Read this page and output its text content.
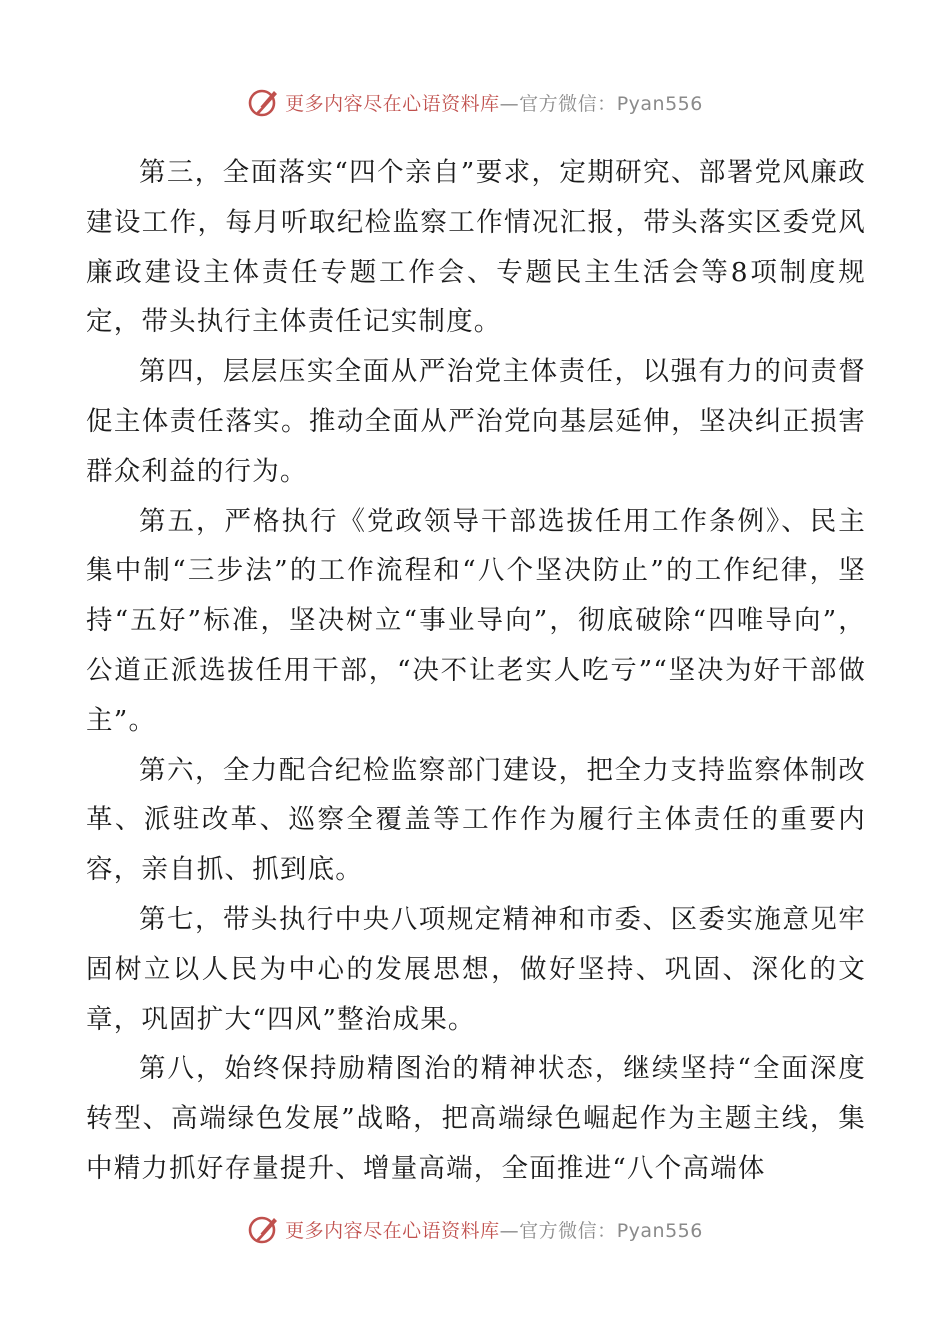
更多内容尽在心语资料库—官方微信：Pyan556

第三，全面落实“四个亲自”要求，定期研究、部署党风廉政建设工作，每月听取纪检监察工作情况汇报，带头落实区委党风廉政建设主体责任专题工作会、专题民主生活会等8项制度规定，带头执行主体责任记实制度。

第四，层层压实全面从严治党主体责任，以强有力的问责督促主体责任落实。推动全面从严治党向基层延伸，坚决纠正损害群众利益的行为。

第五，严格执行《党政领导干部选拔任用工作条例》、民主集中制“三步法”的工作流程和“八个坚决防止”的工作纪律，坚持“五好”标准，坚决树立“事业导向”，彻底破除“四唯导向”，公道正派选拔任用干部，“决不让老实人吃亏”“坚决为好干部做主”。

第六，全力配合纪检监察部门建设，把全力支持监察体制改革、派驻改革、巡察全覆盖等工作作为履行主体责任的重要内容，亲自抓、抓到底。

第七，带头执行中央八项规定精神和市委、区委实施意见牢固树立以人民为中心的发展思想，做好坚持、巩固、深化的文章，巩固扩大“四风”整治成果。

第八，始终保持励精图治的精神状态，继续坚持“全面深度转型、高端绿色发展”战略，把高端绿色崛起作为主题主线，集中精力抓好存量提升、增量高端，全面推进“八个高端体

更多内容尽在心语资料库—官方微信：Pyan556
